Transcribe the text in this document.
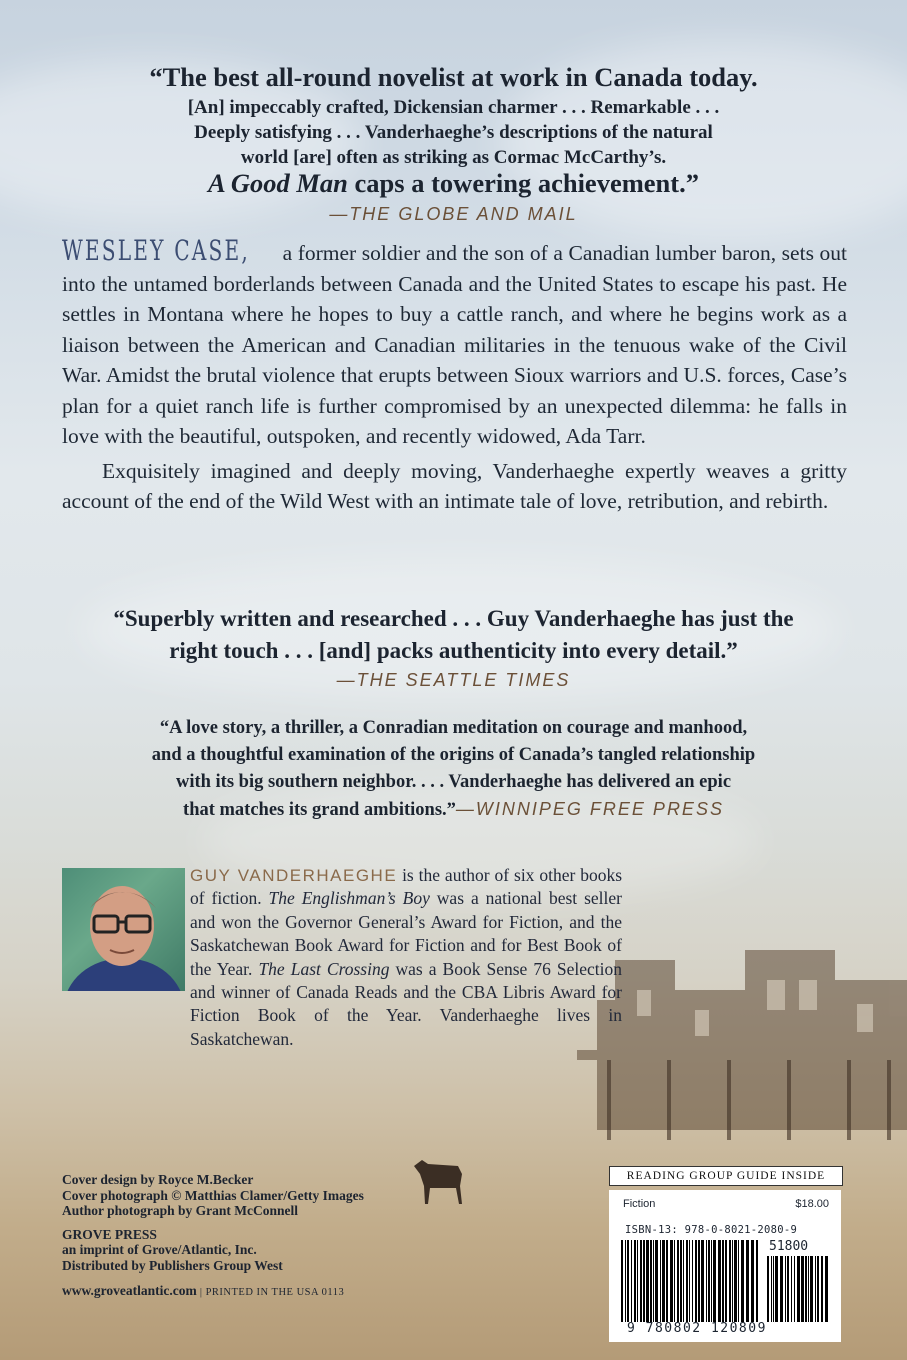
“The best all-round novelist at work in Canada today.
[An] impeccably crafted, Dickensian charmer . . . Remarkable . . .
Deeply satisfying . . . Vanderhaeghe’s descriptions of the natural
world [are] often as striking as Cormac McCarthy’s.
A Good Man caps a towering achievement.”
—THE GLOBE AND MAIL

WESLEY CASE, a former soldier and the son of a Canadian lumber baron, sets out into the untamed borderlands between Canada and the United States to escape his past. He settles in Montana where he hopes to buy a cattle ranch, and where he begins work as a liaison between the American and Canadian militaries in the tenuous wake of the Civil War. Amidst the brutal violence that erupts between Sioux warriors and U.S. forces, Case’s plan for a quiet ranch life is further compromised by an unexpected dilemma: he falls in love with the beautiful, outspoken, and recently widowed, Ada Tarr.

Exquisitely imagined and deeply moving, Vanderhaeghe expertly weaves a gritty account of the end of the Wild West with an intimate tale of love, retribution, and rebirth.

“Superbly written and researched . . . Guy Vanderhaeghe has just the
right touch . . . [and] packs authenticity into every detail.”
—THE SEATTLE TIMES
“A love story, a thriller, a Conradian meditation on courage and manhood,
and a thoughtful examination of the origins of Canada’s tangled relationship
with its big southern neighbor. . . . Vanderhaeghe has delivered an epic
that matches its grand ambitions.”—WINNIPEG FREE PRESS
GUY VANDERHAEGHE is the author of six other books of fiction. The Englishman’s Boy was a national best seller and won the Governor General’s Award for Fiction, and the Saskatchewan Book Award for Fiction and for Best Book of the Year. The Last Crossing was a Book Sense 76 Selection and winner of Canada Reads and the CBA Libris Award for Fiction Book of the Year. Vanderhaeghe lives in Saskatchewan.
Cover design by Royce M.Becker
Cover photograph © Matthias Clamer/Getty Images
Author photograph by Grant McConnell
GROVE PRESS
an imprint of Grove/Atlantic, Inc.
Distributed by Publishers Group West
www.groveatlantic.com | PRINTED IN THE USA 0113
READING GROUP GUIDE INSIDE
Fiction	$18.00
ISBN-13: 978-0-8021-2080-9
51800
9 780802 120809
